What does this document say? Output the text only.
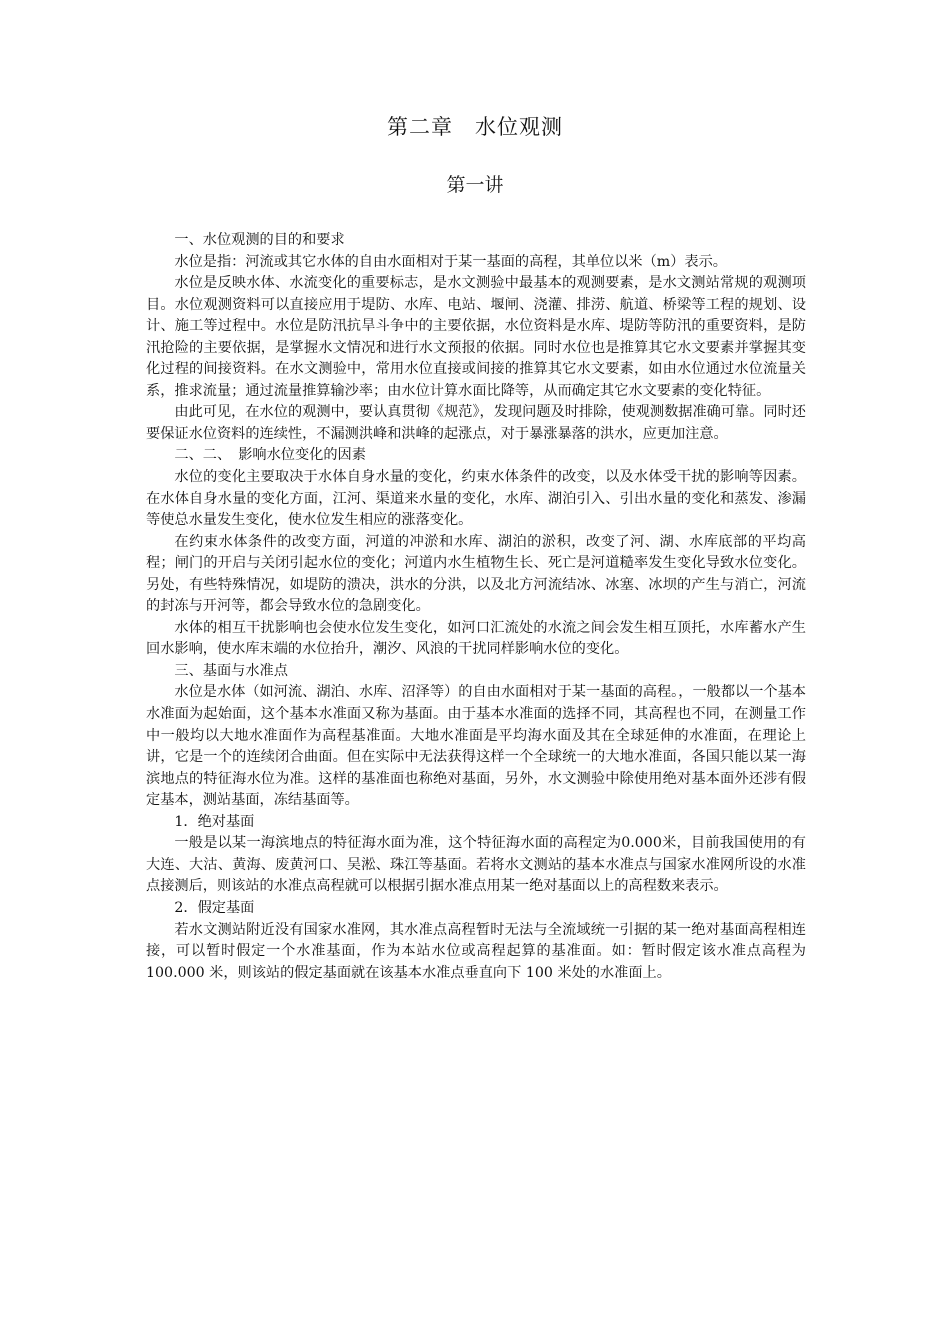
第二章　水位观测
第一讲

一、水位观测的目的和要求

水位是指：河流或其它水体的自由水面相对于某一基面的高程，其单位以米（m）表示。

水位是反映水体、水流变化的重要标志，是水文测验中最基本的观测要素，是水文测站常规的观测项目。水位观测资料可以直接应用于堤防、水库、电站、堰闸、浇灌、排涝、航道、桥梁等工程的规划、设计、施工等过程中。水位是防汛抗旱斗争中的主要依据，水位资料是水库、堤防等防汛的重要资料，是防汛抢险的主要依据，是掌握水文情况和进行水文预报的依据。同时水位也是推算其它水文要素并掌握其变化过程的间接资料。在水文测验中，常用水位直接或间接的推算其它水文要素，如由水位通过水位流量关系，推求流量；通过流量推算输沙率；由水位计算水面比降等，从而确定其它水文要素的变化特征。

由此可见，在水位的观测中，要认真贯彻《规范》，发现问题及时排除，使观测数据准确可靠。同时还要保证水位资料的连续性，不漏测洪峰和洪峰的起涨点，对于暴涨暴落的洪水，应更加注意。

二、二、　影响水位变化的因素

水位的变化主要取决于水体自身水量的变化，约束水体条件的改变，以及水体受干扰的影响等因素。在水体自身水量的变化方面，江河、渠道来水量的变化，水库、湖泊引入、引出水量的变化和蒸发、渗漏等使总水量发生变化，使水位发生相应的涨落变化。

在约束水体条件的改变方面，河道的冲淤和水库、湖泊的淤积，改变了河、湖、水库底部的平均高程；闸门的开启与关闭引起水位的变化；河道内水生植物生长、死亡是河道糙率发生变化导致水位变化。另处，有些特殊情况，如堤防的溃决，洪水的分洪，以及北方河流结冰、冰塞、冰坝的产生与消亡，河流的封冻与开河等，都会导致水位的急剧变化。

水体的相互干扰影响也会使水位发生变化，如河口汇流处的水流之间会发生相互顶托，水库蓄水产生回水影响，使水库末端的水位抬升，潮汐、风浪的干扰同样影响水位的变化。

三、基面与水准点

水位是水体（如河流、湖泊、水库、沼泽等）的自由水面相对于某一基面的高程。，一般都以一个基本水准面为起始面，这个基本水准面又称为基面。由于基本水准面的选择不同，其高程也不同，在测量工作中一般均以大地水准面作为高程基准面。大地水准面是平均海水面及其在全球延伸的水准面，在理论上讲，它是一个的连续闭合曲面。但在实际中无法获得这样一个全球统一的大地水准面，各国只能以某一海滨地点的特征海水位为准。这样的基准面也称绝对基面，另外，水文测验中除使用绝对基本面外还涉有假定基本，测站基面，冻结基面等。

1．绝对基面

一般是以某一海滨地点的特征海水面为准，这个特征海水面的高程定为0.000米，目前我国使用的有大连、大沽、黄海、废黄河口、吴淞、珠江等基面。若将水文测站的基本水准点与国家水准网所设的水准点接测后，则该站的水准点高程就可以根据引据水准点用某一绝对基面以上的高程数来表示。

2．假定基面

若水文测站附近没有国家水准网，其水准点高程暂时无法与全流域统一引据的某一绝对基面高程相连接，可以暂时假定一个水准基面，作为本站水位或高程起算的基准面。如：暂时假定该水准点高程为 100.000 米，则该站的假定基面就在该基本水准点垂直向下 100 米处的水准面上。
